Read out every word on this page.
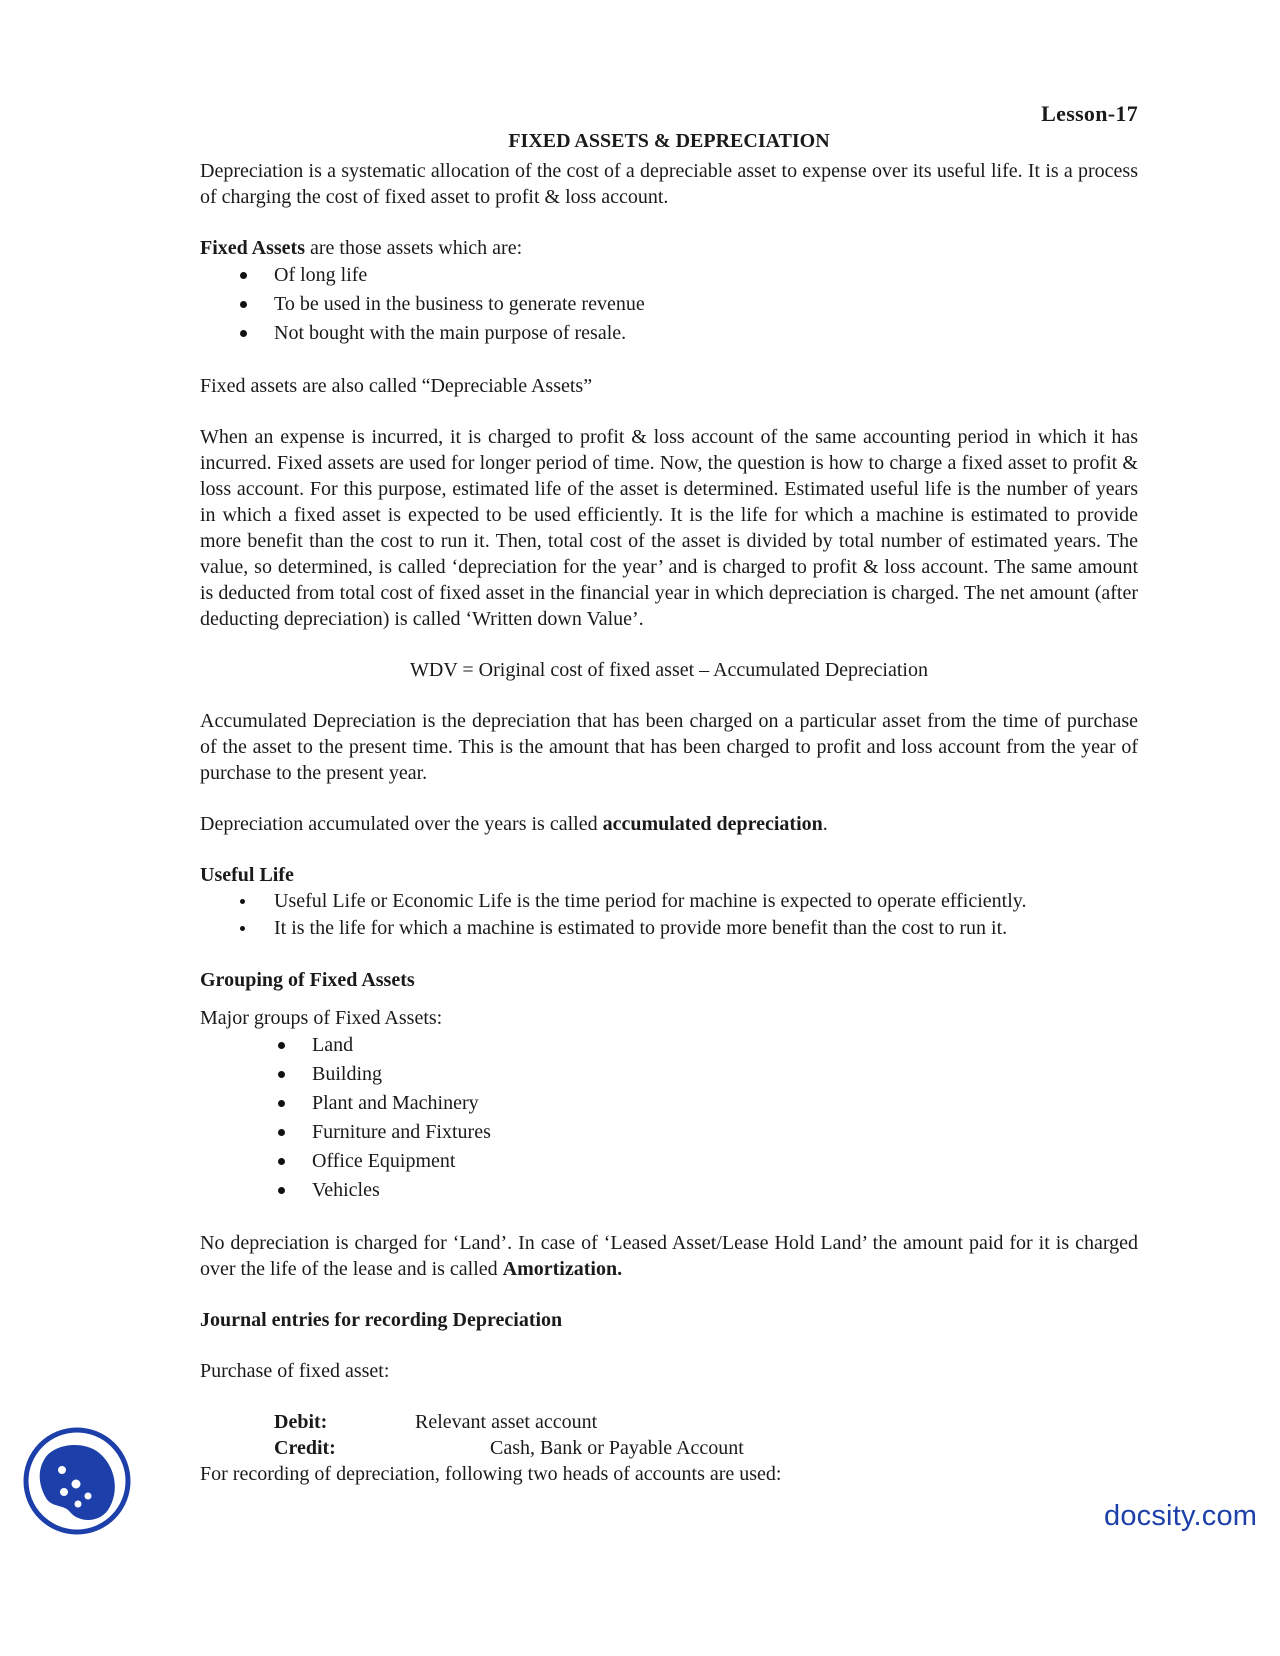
Lesson-17

FIXED ASSETS & DEPRECIATION

Depreciation is a systematic allocation of the cost of a depreciable asset to expense over its useful life. It is a process of charging the cost of fixed asset to profit & loss account.

Fixed Assets are those assets which are:

Of long life
To be used in the business to generate revenue
Not bought with the main purpose of resale.

Fixed assets are also called “Depreciable Assets”

When an expense is incurred, it is charged to profit & loss account of the same accounting period in which it has incurred. Fixed assets are used for longer period of time. Now, the question is how to charge a fixed asset to profit & loss account. For this purpose, estimated life of the asset is determined. Estimated useful life is the number of years in which a fixed asset is expected to be used efficiently. It is the life for which a machine is estimated to provide more benefit than the cost to run it. Then, total cost of the asset is divided by total number of estimated years. The value, so determined, is called ‘depreciation for the year’ and is charged to profit & loss account. The same amount is deducted from total cost of fixed asset in the financial year in which depreciation is charged. The net amount (after deducting depreciation) is called ‘Written down Value’.

WDV = Original cost of fixed asset – Accumulated Depreciation

Accumulated Depreciation is the depreciation that has been charged on a particular asset from the time of purchase of the asset to the present time. This is the amount that has been charged to profit and loss account from the year of purchase to the present year.

Depreciation accumulated over the years is called accumulated depreciation.

Useful Life

Useful Life or Economic Life is the time period for machine is expected to operate efficiently.
It is the life for which a machine is estimated to provide more benefit than the cost to run it.

Grouping of Fixed Assets

Major groups of Fixed Assets:

Land
Building
Plant and Machinery
Furniture and Fixtures
Office Equipment
Vehicles

No depreciation is charged for ‘Land’. In case of ‘Leased Asset/Lease Hold Land’ the amount paid for it is charged over the life of the lease and is called Amortization.

Journal entries for recording Depreciation

Purchase of fixed asset:

Debit:	Relevant asset account
Credit:	Cash, Bank or Payable Account

For recording of depreciation, following two heads of accounts are used:

docsity.com
